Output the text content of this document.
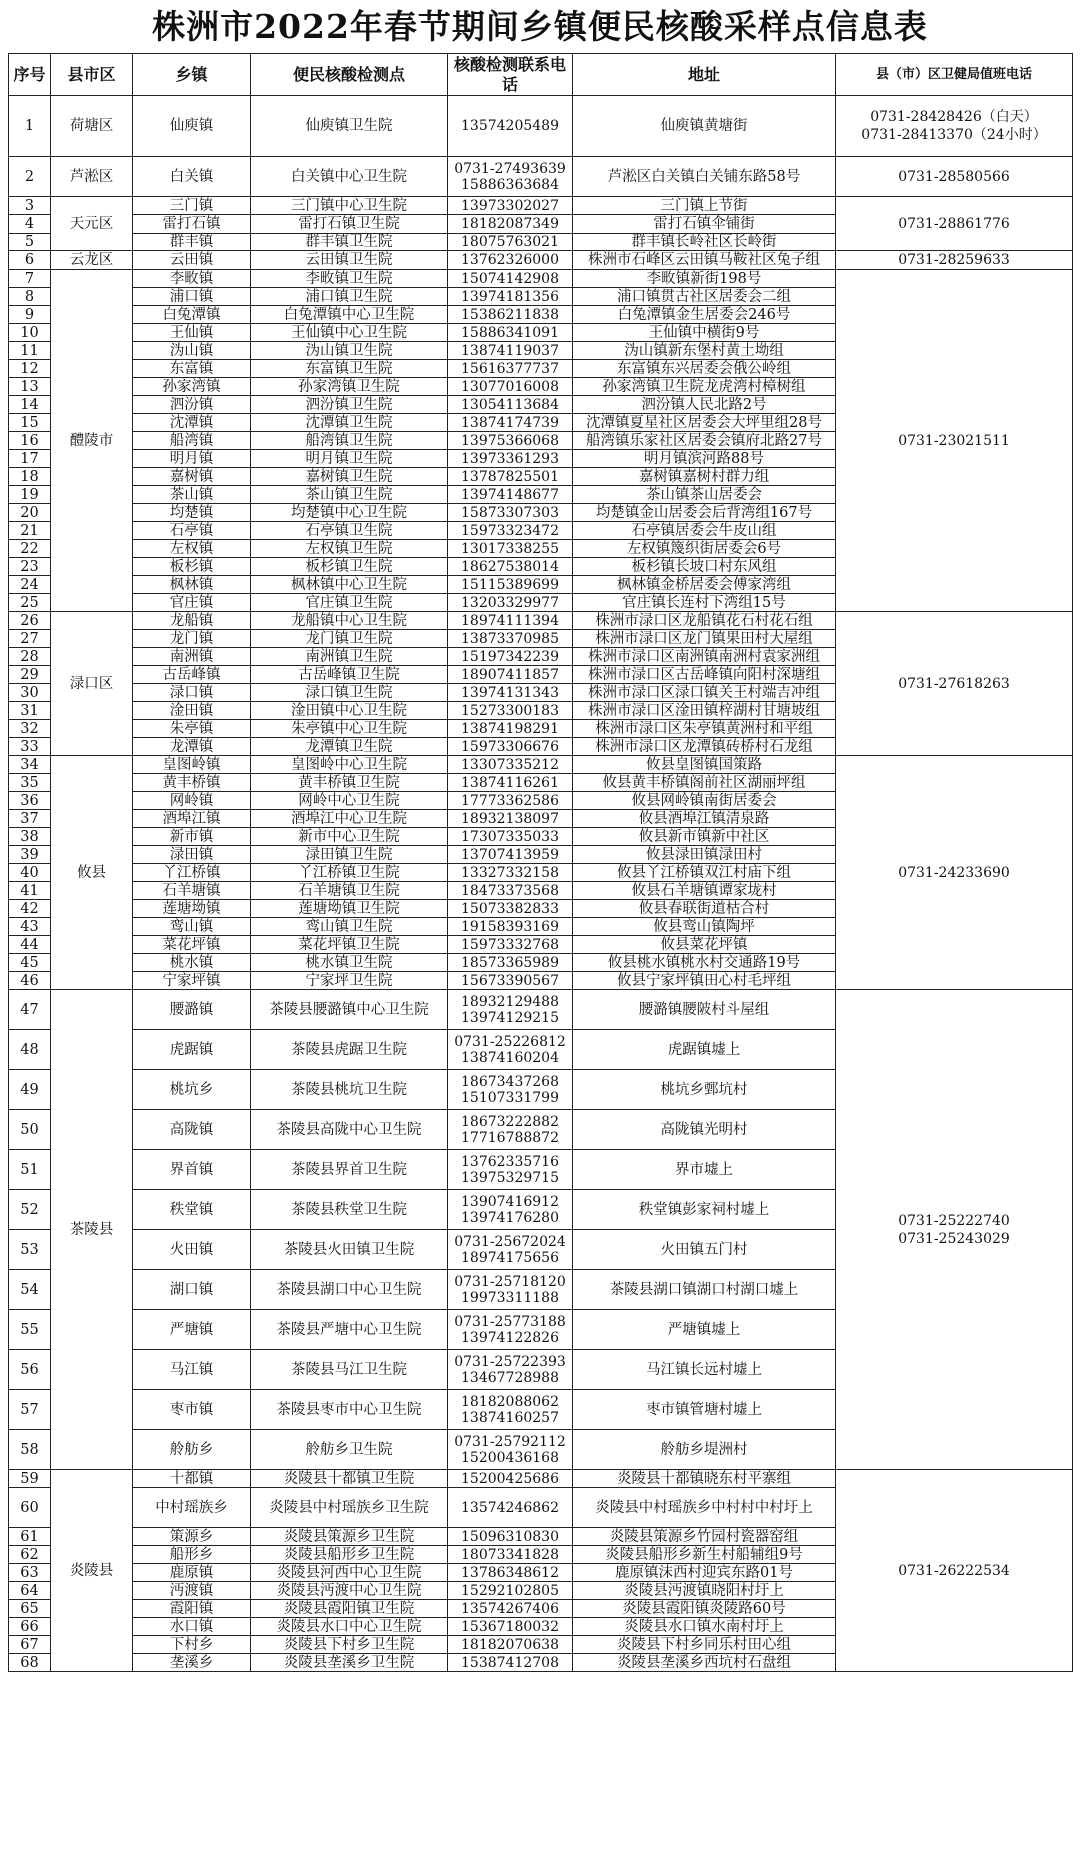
株洲市2022年春节期间乡镇便民核酸采样点信息表
序号	县市区	乡镇	便民核酸检测点	核酸检测联系电话	地址	县（市）区卫健局值班电话
1	荷塘区	仙庾镇	仙庾镇卫生院	13574205489	仙庾镇黄塘街	0731-28428426（白天）
0731-28413370（24小时）
2	芦淞区	白关镇	白关镇中心卫生院	0731-27493639
15886363684	芦淞区白关镇白关铺东路58号	0731-28580566
3	天元区	三门镇	三门镇中心卫生院	13973302027	三门镇上节街	0731-28861776
4		雷打石镇	雷打石镇卫生院	18182087349	雷打石镇伞铺街	
5		群丰镇	群丰镇卫生院	18075763021	群丰镇长岭社区长岭街	
6	云龙区	云田镇	云田镇卫生院	13762326000	株洲市石峰区云田镇马鞍社区兔子组	0731-28259633
7	醴陵市	李畋镇	李畋镇卫生院	15074142908	李畋镇新街198号	0731-23021511
8		浦口镇	浦口镇卫生院	13974181356	浦口镇贯古社区居委会二组	
9		白兔潭镇	白兔潭镇中心卫生院	15386211838	白兔潭镇金生居委会246号	
10		王仙镇	王仙镇中心卫生院	15886341091	王仙镇中横街9号	
11		沩山镇	沩山镇卫生院	13874119037	沩山镇新东堡村黄土坳组	
12		东富镇	东富镇卫生院	15616377737	东富镇东兴居委会俄公岭组	
13		孙家湾镇	孙家湾镇卫生院	13077016008	孙家湾镇卫生院龙虎湾村樟树组	
14		泗汾镇	泗汾镇卫生院	13054113684	泗汾镇人民北路2号	
15		沈潭镇	沈潭镇卫生院	13874174739	沈潭镇夏星社区居委会大坪里组28号	
16		船湾镇	船湾镇卫生院	13975366068	船湾镇乐家社区居委会镇府北路27号	
17		明月镇	明月镇卫生院	13973361293	明月镇滨河路88号	
18		嘉树镇	嘉树镇卫生院	13787825501	嘉树镇嘉树村群力组	
19		茶山镇	茶山镇卫生院	13974148677	茶山镇茶山居委会	
20		均楚镇	均楚镇中心卫生院	15873307303	均楚镇金山居委会后背湾组167号	
21		石亭镇	石亭镇卫生院	15973323472	石亭镇居委会牛皮山组	
22		左权镇	左权镇卫生院	13017338255	左权镇篾织街居委会6号	
23		板杉镇	板杉镇卫生院	18627538014	板杉镇长坡口村东风组	
24		枫林镇	枫林镇中心卫生院	15115389699	枫林镇金桥居委会傅家湾组	
25		官庄镇	官庄镇卫生院	13203329977	官庄镇长连村下湾组15号	
26	渌口区	龙船镇	龙船镇中心卫生院	18974111394	株洲市渌口区龙船镇花石村花石组	0731-27618263
27		龙门镇	龙门镇卫生院	13873370985	株洲市渌口区龙门镇果田村大屋组	
28		南洲镇	南洲镇卫生院	15197342239	株洲市渌口区南洲镇南洲村袁家洲组	
29		古岳峰镇	古岳峰镇卫生院	18907411857	株洲市渌口区古岳峰镇向阳村深塘组	
30		渌口镇	渌口镇卫生院	13974131343	株洲市渌口区渌口镇关王村端吉冲组	
31		淦田镇	淦田镇中心卫生院	15273300183	株洲市渌口区淦田镇梓湖村甘塘坡组	
32		朱亭镇	朱亭镇中心卫生院	13874198291	株洲市渌口区朱亭镇黄洲村和平组	
33		龙潭镇	龙潭镇卫生院	15973306676	株洲市渌口区龙潭镇砖桥村石龙组	
34	攸县	皇图岭镇	皇图岭中心卫生院	13307335212	攸县皇图镇国策路	0731-24233690
35		黄丰桥镇	黄丰桥镇卫生院	13874116261	攸县黄丰桥镇阁前社区湖丽坪组	
36		网岭镇	网岭中心卫生院	17773362586	攸县网岭镇南街居委会	
37		酒埠江镇	酒埠江中心卫生院	18932138097	攸县酒埠江镇清泉路	
38		新市镇	新市中心卫生院	17307335033	攸县新市镇新中社区	
39		渌田镇	渌田镇卫生院	13707413959	攸县渌田镇渌田村	
40		丫江桥镇	丫江桥镇卫生院	13327332158	攸县丫江桥镇双江村庙下组	
41		石羊塘镇	石羊塘镇卫生院	18473373568	攸县石羊塘镇谭家垅村	
42		莲塘坳镇	莲塘坳镇卫生院	15073382833	攸县春联街道枯合村	
43		鸾山镇	鸾山镇卫生院	19158393169	攸县鸾山镇陶坪	
44		菜花坪镇	菜花坪镇卫生院	15973332768	攸县菜花坪镇	
45		桃水镇	桃水镇卫生院	18573365989	攸县桃水镇桃水村交通路19号	
46		宁家坪镇	宁家坪卫生院	15673390567	攸县宁家坪镇田心村毛坪组	
47	茶陵县	腰潞镇	茶陵县腰潞镇中心卫生院	18932129488
13974129215	腰潞镇腰陂村斗屋组	0731-25222740
0731-25243029
48		虎踞镇	茶陵县虎踞卫生院	0731-25226812
13874160204	虎踞镇墟上	
49		桃坑乡	茶陵县桃坑卫生院	18673437268
15107331799	桃坑乡鄄坑村	
50		高陇镇	茶陵县高陇中心卫生院	18673222882
17716788872	高陇镇光明村	
51		界首镇	茶陵县界首卫生院	13762335716
13975329715	界市墟上	
52		秩堂镇	茶陵县秩堂卫生院	13907416912
13974176280	秩堂镇彭家祠村墟上	
53		火田镇	茶陵县火田镇卫生院	0731-25672024
18974175656	火田镇五门村	
54		湖口镇	茶陵县湖口中心卫生院	0731-25718120
19973311188	茶陵县湖口镇湖口村湖口墟上	
55		严塘镇	茶陵县严塘中心卫生院	0731-25773188
13974122826	严塘镇墟上	
56		马江镇	茶陵县马江卫生院	0731-25722393
13467728988	马江镇长远村墟上	
57		枣市镇	茶陵县枣市中心卫生院	18182088062
13874160257	枣市镇管塘村墟上	
58		舲舫乡	舲舫乡卫生院	0731-25792112
15200436168	舲舫乡堤洲村	
59	炎陵县	十都镇	炎陵县十都镇卫生院	15200425686	炎陵县十都镇晓东村平寨组	0731-26222534
60		中村瑶族乡	炎陵县中村瑶族乡卫生院	13574246862	炎陵县中村瑶族乡中村村中村圩上	
61		策源乡	炎陵县策源乡卫生院	15096310830	炎陵县策源乡竹园村瓷器窑组	
62		船形乡	炎陵县船形乡卫生院	18073341828	炎陵县船形乡新生村船辅组9号	
63		鹿原镇	炎陵县河西中心卫生院	13786348612	鹿原镇沫西村迎宾东路01号	
64		沔渡镇	炎陵县沔渡中心卫生院	15292102805	炎陵县沔渡镇晓阳村圩上	
65		霞阳镇	炎陵县霞阳镇卫生院	13574267406	炎陵县霞阳镇炎陵路60号	
66		水口镇	炎陵县水口中心卫生院	15367180032	炎陵县水口镇水南村圩上	
67		下村乡	炎陵县下村乡卫生院	18182070638	炎陵县下村乡同乐村田心组	
68		垄溪乡	炎陵县垄溪乡卫生院	15387412708	炎陵县垄溪乡西坑村石盘组	
